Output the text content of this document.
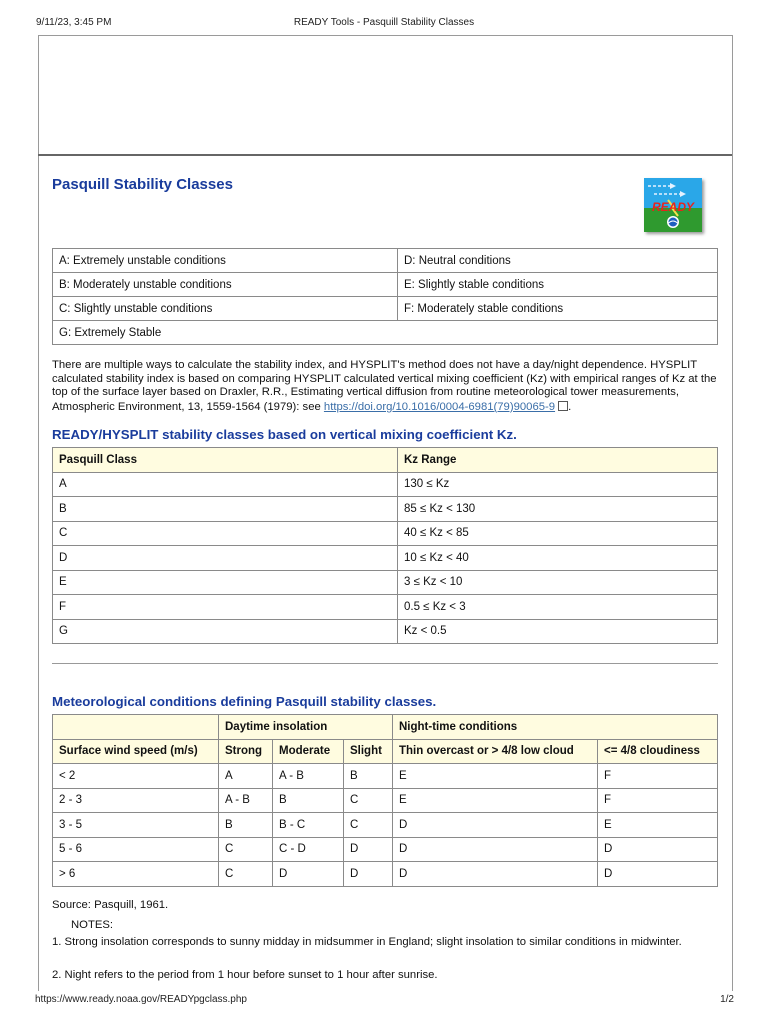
9/11/23, 3:45 PM	READY Tools - Pasquill Stability Classes
Pasquill Stability Classes
READY
A: Extremely unstable conditions	D: Neutral conditions
B: Moderately unstable conditions	E: Slightly stable conditions
C: Slightly unstable conditions	F: Moderately stable conditions
G: Extremely Stable	

There are multiple ways to calculate the stability index, and HYSPLIT's method does not have a day/night dependence. HYSPLIT calculated stability index is based on comparing HYSPLIT calculated vertical mixing coefficient (Kz) with empirical ranges of Kz at the top of the surface layer based on Draxler, R.R., Estimating vertical diffusion from routine meteorological tower measurements, Atmospheric Environment, 13, 1559-1564 (1979): see https://doi.org/10.1016/0004-6981(79)90065-9 .

READY/HYSPLIT stability classes based on vertical mixing coefficient Kz.
Pasquill Class	Kz Range
A	130 ≤ Kz
B	85 ≤ Kz < 130
C	40 ≤ Kz < 85
D	10 ≤ Kz < 40
E	3 ≤ Kz < 10
F	0.5 ≤ Kz < 3
G	Kz < 0.5
Meteorological conditions defining Pasquill stability classes.
	Daytime insolation			Night-time conditions	
Surface wind speed (m/s)	Strong	Moderate	Slight	Thin overcast or > 4/8 low cloud	<= 4/8 cloudiness
< 2	A	A - B	B	E	F
2 - 3	A - B	B	C	E	F
3 - 5	B	B - C	C	D	E
5 - 6	C	C - D	D	D	D
> 6	C	D	D	D	D

Source: Pasquill, 1961.

NOTES:

1. Strong insolation corresponds to sunny midday in midsummer in England; slight insolation to similar conditions in midwinter.

2. Night refers to the period from 1 hour before sunset to 1 hour after sunrise.

https://www.ready.noaa.gov/READYpgclass.php	1/2
